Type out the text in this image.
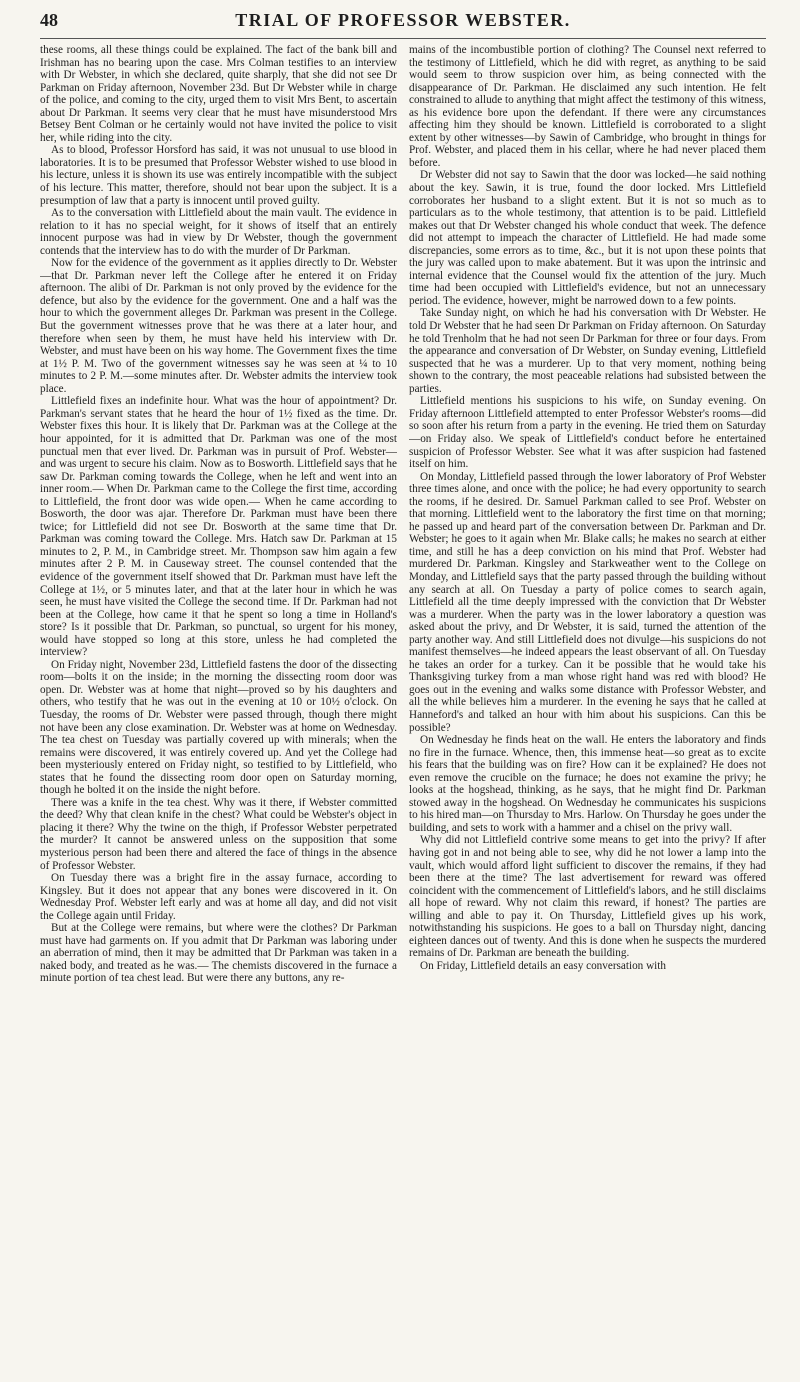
48	TRIAL OF PROFESSOR WEBSTER.

these rooms, all these things could be explained. The fact of the bank bill and Irishman has no bearing upon the case. Mrs Colman testifies to an interview with Dr Webster, in which she declared, quite sharply, that she did not see Dr Parkman on Friday afternoon, November 23d. But Dr Webster while in charge of the police, and coming to the city, urged them to visit Mrs Bent, to ascertain about Dr Parkman. It seems very clear that he must have misunderstood Mrs Betsey Bent Colman or he certainly would not have invited the police to visit her, while riding into the city.

As to blood, Professor Horsford has said, it was not unusual to use blood in laboratories. It is to be presumed that Professor Webster wished to use blood in his lecture, unless it is shown its use was entirely incompatible with the subject of his lecture. This matter, therefore, should not bear upon the subject. It is a presumption of law that a party is innocent until proved guilty.

As to the conversation with Littlefield about the main vault. The evidence in relation to it has no special weight, for it shows of itself that an entirely innocent purpose was had in view by Dr Webster, though the government contends that the interview has to do with the murder of Dr Parkman.

Now for the evidence of the government as it applies directly to Dr. Webster—that Dr. Parkman never left the College after he entered it on Friday afternoon. The alibi of Dr. Parkman is not only proved by the evidence for the defence, but also by the evidence for the government. One and a half was the hour to which the government alleges Dr. Parkman was present in the College. But the government witnesses prove that he was there at a later hour, and therefore when seen by them, he must have held his interview with Dr. Webster, and must have been on his way home. The Government fixes the time at 1½ P. M. Two of the government witnesses say he was seen at ¼ to 10 minutes to 2 P. M.—some minutes after. Dr. Webster admits the interview took place.

Littlefield fixes an indefinite hour. What was the hour of appointment? Dr. Parkman's servant states that he heard the hour of 1½ fixed as the time. Dr. Webster fixes this hour. It is likely that Dr. Parkman was at the College at the hour appointed, for it is admitted that Dr. Parkman was one of the most punctual men that ever lived. Dr. Parkman was in pursuit of Prof. Webster—and was urgent to secure his claim. Now as to Bosworth. Littlefield says that he saw Dr. Parkman coming towards the College, when he left and went into an inner room.— When Dr. Parkman came to the College the first time, according to Littlefield, the front door was wide open.— When he came according to Bosworth, the door was ajar. Therefore Dr. Parkman must have been there twice; for Littlefield did not see Dr. Bosworth at the same time that Dr. Parkman was coming toward the College. Mrs. Hatch saw Dr. Parkman at 15 minutes to 2, P. M., in Cambridge street. Mr. Thompson saw him again a few minutes after 2 P. M. in Causeway street. The counsel contended that the evidence of the government itself showed that Dr. Parkman must have left the College at 1½, or 5 minutes later, and that at the later hour in which he was seen, he must have visited the College the second time. If Dr. Parkman had not been at the College, how came it that he spent so long a time in Holland's store? Is it possible that Dr. Parkman, so punctual, so urgent for his money, would have stopped so long at this store, unless he had completed the interview?

On Friday night, November 23d, Littlefield fastens the door of the dissecting room—bolts it on the inside; in the morning the dissecting room door was open. Dr. Webster was at home that night—proved so by his daughters and others, who testify that he was out in the evening at 10 or 10½ o'clock. On Tuesday, the rooms of Dr. Webster were passed through, though there might not have been any close examination. Dr. Webster was at home on Wednesday. The tea chest on Tuesday was partially covered up with minerals; when the remains were discovered, it was entirely covered up. And yet the College had been mysteriously entered on Friday night, so testified to by Littlefield, who states that he found the dissecting room door open on Saturday morning, though he bolted it on the inside the night before.

There was a knife in the tea chest. Why was it there, if Webster committed the deed? Why that clean knife in the chest? What could be Webster's object in placing it there? Why the twine on the thigh, if Professor Webster perpetrated the murder? It cannot be answered unless on the supposition that some mysterious person had been there and altered the face of things in the absence of Professor Webster.

On Tuesday there was a bright fire in the assay furnace, according to Kingsley. But it does not appear that any bones were discovered in it. On Wednesday Prof. Webster left early and was at home all day, and did not visit the College again until Friday.

But at the College were remains, but where were the clothes? Dr Parkman must have had garments on. If you admit that Dr Parkman was laboring under an aberration of mind, then it may be admitted that Dr Parkman was taken in a naked body, and treated as he was.— The chemists discovered in the furnace a minute portion of tea chest lead. But were there any buttons, any re-

mains of the incombustible portion of clothing? The Counsel next referred to the testimony of Littlefield, which he did with regret, as anything to be said would seem to throw suspicion over him, as being connected with the disappearance of Dr. Parkman. He disclaimed any such intention. He felt constrained to allude to anything that might affect the testimony of this witness, as his evidence bore upon the defendant. If there were any circumstances affecting him they should be known. Littlefield is corroborated to a slight extent by other witnesses—by Sawin of Cambridge, who brought in things for Prof. Webster, and placed them in his cellar, where he had never placed them before.

Dr Webster did not say to Sawin that the door was locked—he said nothing about the key. Sawin, it is true, found the door locked. Mrs Littlefield corroborates her husband to a slight extent. But it is not so much as to particulars as to the whole testimony, that attention is to be paid. Littlefield makes out that Dr Webster changed his whole conduct that week. The defence did not attempt to impeach the character of Littlefield. He had made some discrepancies, some errors as to time, &c., but it is not upon these points that the jury was called upon to make abatement. But it was upon the intrinsic and internal evidence that the Counsel would fix the attention of the jury. Much time had been occupied with Littlefield's evidence, but not an unnecessary period. The evidence, however, might be narrowed down to a few points.

Take Sunday night, on which he had his conversation with Dr Webster. He told Dr Webster that he had seen Dr Parkman on Friday afternoon. On Saturday he told Trenholm that he had not seen Dr Parkman for three or four days. From the appearance and conversation of Dr Webster, on Sunday evening, Littlefield suspected that he was a murderer. Up to that very moment, nothing being shown to the contrary, the most peaceable relations had subsisted between the parties.

Littlefield mentions his suspicions to his wife, on Sunday evening. On Friday afternoon Littlefield attempted to enter Professor Webster's rooms—did so soon after his return from a party in the evening. He tried them on Saturday—on Friday also. We speak of Littlefield's conduct before he entertained suspicion of Professor Webster. See what it was after suspicion had fastened itself on him.

On Monday, Littlefield passed through the lower laboratory of Prof Webster three times alone, and once with the police; he had every opportunity to search the rooms, if he desired. Dr. Samuel Parkman called to see Prof. Webster on that morning. Littlefield went to the laboratory the first time on that morning; he passed up and heard part of the conversation between Dr. Parkman and Dr. Webster; he goes to it again when Mr. Blake calls; he makes no search at either time, and still he has a deep conviction on his mind that Prof. Webster had murdered Dr. Parkman. Kingsley and Starkweather went to the College on Monday, and Littlefield says that the party passed through the building without any search at all. On Tuesday a party of police comes to search again, Littlefield all the time deeply impressed with the conviction that Dr Webster was a murderer. When the party was in the lower laboratory a question was asked about the privy, and Dr Webster, it is said, turned the attention of the party another way. And still Littlefield does not divulge—his suspicions do not manifest themselves—he indeed appears the least observant of all. On Tuesday he takes an order for a turkey. Can it be possible that he would take his Thanksgiving turkey from a man whose right hand was red with blood? He goes out in the evening and walks some distance with Professor Webster, and all the while believes him a murderer. In the evening he says that he called at Hanneford's and talked an hour with him about his suspicions. Can this be possible?

On Wednesday he finds heat on the wall. He enters the laboratory and finds no fire in the furnace. Whence, then, this immense heat—so great as to excite his fears that the building was on fire? How can it be explained? He does not even remove the crucible on the furnace; he does not examine the privy; he looks at the hogshead, thinking, as he says, that he might find Dr. Parkman stowed away in the hogshead. On Wednesday he communicates his suspicions to his hired man—on Thursday to Mrs. Harlow. On Thursday he goes under the building, and sets to work with a hammer and a chisel on the privy wall.

Why did not Littlefield contrive some means to get into the privy? If after having got in and not being able to see, why did he not lower a lamp into the vault, which would afford light sufficient to discover the remains, if they had been there at the time? The last advertisement for reward was offered coincident with the commencement of Littlefield's labors, and he still disclaims all hope of reward. Why not claim this reward, if honest? The parties are willing and able to pay it. On Thursday, Littlefield gives up his work, notwithstanding his suspicions. He goes to a ball on Thursday night, dancing eighteen dances out of twenty. And this is done when he suspects the murdered remains of Dr. Parkman are beneath the building.

On Friday, Littlefield details an easy conversation with
